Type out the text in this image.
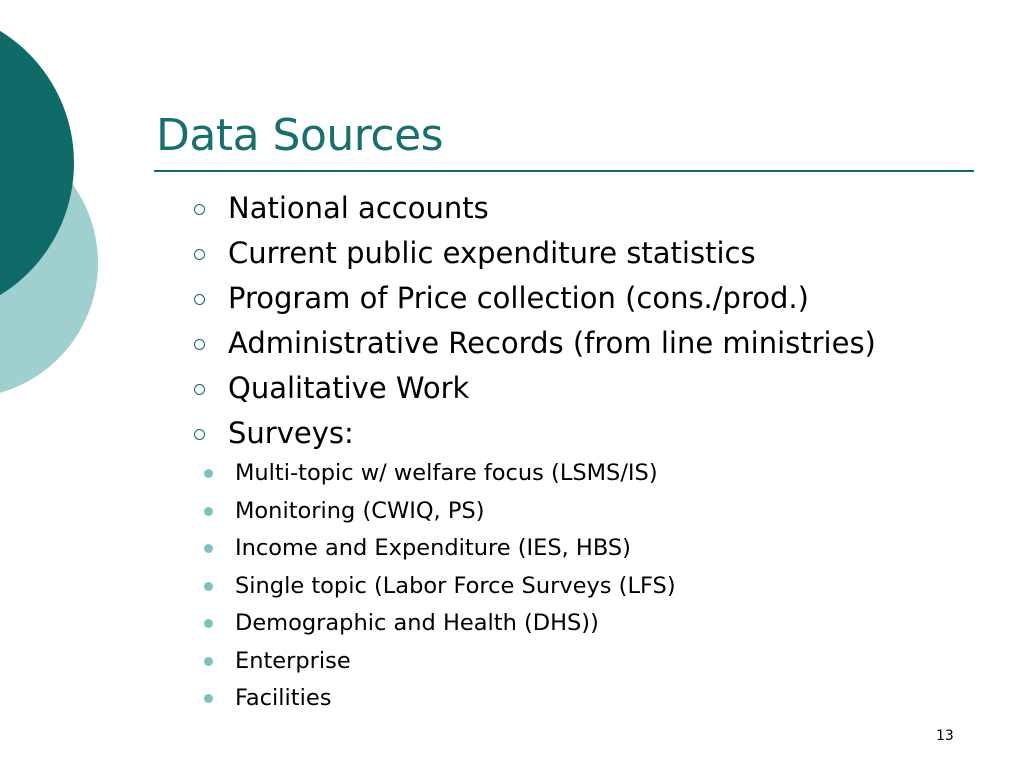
Data Sources
National accounts
Current public expenditure statistics
Program of Price collection (cons./prod.)
Administrative Records (from line ministries)
Qualitative Work
Surveys:
Multi-topic w/ welfare focus (LSMS/IS)
Monitoring (CWIQ, PS)
Income and Expenditure (IES, HBS)
Single topic (Labor Force Surveys (LFS)
Demographic and Health (DHS))
Enterprise
Facilities
13
